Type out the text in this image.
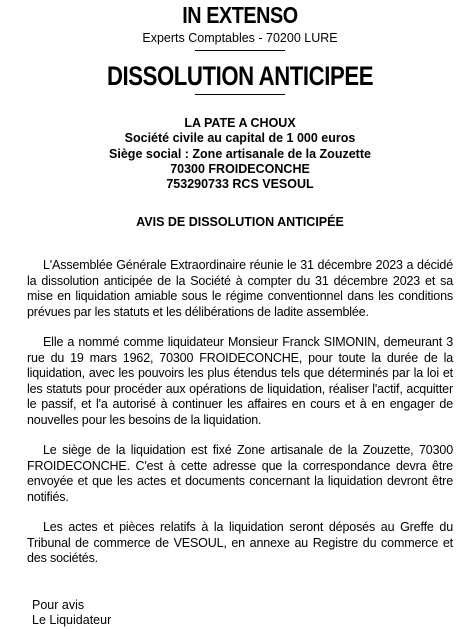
IN EXTENSO
Experts Comptables - 70200 LURE
DISSOLUTION ANTICIPEE
LA PATE A CHOUX
Société civile au capital de 1 000 euros
Siège social : Zone artisanale de la Zouzette
70300 FROIDECONCHE
753290733 RCS VESOUL
AVIS DE DISSOLUTION ANTICIPÉE

L'Assemblée Générale Extraordinaire réunie le 31 décembre 2023 a décidé la dissolution anticipée de la Société à compter du 31 décembre 2023 et sa mise en liquidation amiable sous le régime conventionnel dans les conditions prévues par les statuts et les délibérations de ladite assemblée.

Elle a nommé comme liquidateur Monsieur Franck SIMONIN, demeurant 3 rue du 19 mars 1962, 70300 FROIDECONCHE, pour toute la durée de la liquidation, avec les pouvoirs les plus étendus tels que déterminés par la loi et les statuts pour procéder aux opérations de liquidation, réaliser l'actif, acquitter le passif, et l'a autorisé à continuer les affaires en cours et à en engager de nouvelles pour les besoins de la liquidation.

Le siège de la liquidation est fixé Zone artisanale de la Zouzette, 70300 FROIDECONCHE. C'est à cette adresse que la correspondance devra être envoyée et que les actes et documents concernant la liquidation devront être notifiés.

Les actes et pièces relatifs à la liquidation seront déposés au Greffe du Tribunal de commerce de VESOUL, en annexe au Registre du commerce et des sociétés.

Pour avis
Le Liquidateur
